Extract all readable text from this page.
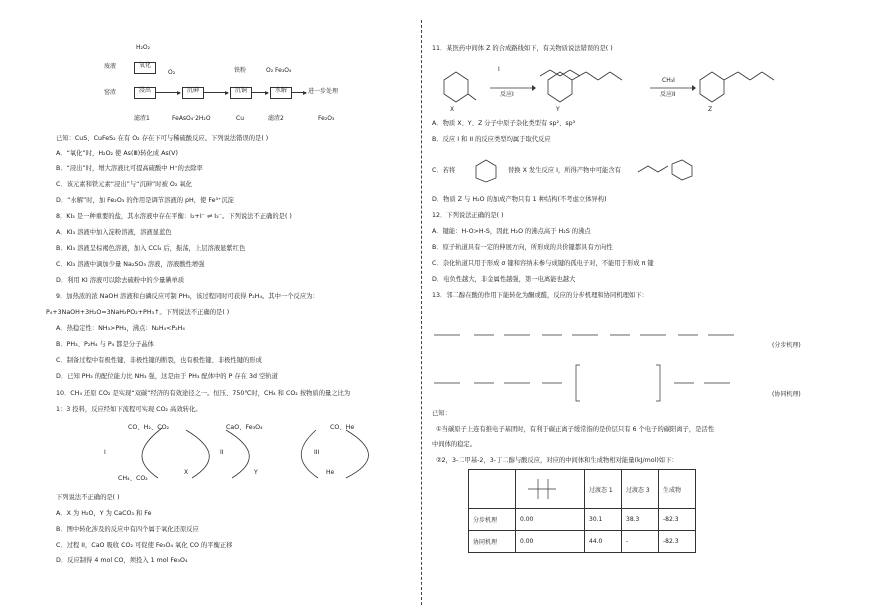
H₂O₂
废液	氧化
O₂	铁粉	O₂ Fe₃O₄
窑渣	浸出	沉砷	沉铜	水解	进一步处理
滤渣1	FeAsO₄·2H₂O	Cu	滤渣2	Fe₂O₃
已知：CuS、CuFeS₂ 在有 O₂ 存在下可与稀硫酸反应。下列说法错误的是( )
A．“氧化”时，H₂O₂ 使 As(Ⅲ)转化成 As(Ⅴ)
B．“浸出”时，增大溶液比可提高硫酸中 H⁺的去除率
C．该元素和铁元素“浸出”与“沉砷”时被 O₂ 氧化
D．“水解”时，加 Fe₂O₃ 的作用是调节溶液的 pH，使 Fe³⁺沉淀
8．KI₃ 是一种重要的盐，其水溶液中存在平衡：I₂+I⁻ ⇌ I₃⁻。下列说法不正确的是( )
A．KI₃ 溶液中加入淀粉溶液，溶液显蓝色
B．KI₃ 溶液呈棕褐色溶液，加入 CCl₄ 后，振荡，上层溶液显紫红色
C．KI₃ 溶液中滴加少量 Na₂SO₃ 溶液，溶液酸性增强
D．利用 KI 溶液可以除去硫粉中的少量碘单质
9．加热浓的浓 NaOH 溶液和白磷反应可制 PH₃，该过程同时可获得 P₂H₄。其中一个反应为：
P₄+3NaOH+3H₂O=3NaH₂PO₂+PH₃↑。下列说法不正确的是( )
A．热稳定性：NH₃>PH₃，沸点：N₂H₄<P₂H₄
B．PH₃、P₂H₄ 与 P₄ 都是分子晶体
C．制备过程中有极性键、非极性键的断裂，也有极性键、非极性键的形成
D．已知 PH₃ 的配位能力比 NH₃ 强，这是由于 PH₃ 配体中的 P 存在 3d 空轨道
10．CH₄ 还原 CO₂ 是实现“双碳”经济的有效途径之一。恒压、750℃时，CH₄ 和 CO₂ 按物质的量之比为
1：3 投料，反应经如下流程可实现 CO₂ 高效转化。
CO、H₂、CO₂	CaO、Fe₃O₄	CO、He
I	II	III
CH₄、CO₂
X	Y	He
下列说法不正确的是( )
A．X 为 H₂O，Y 为 CaCO₃ 和 Fe
B．图中转化涉及的反应中有四个属于氧化还原反应
C．过程 II，CaO 吸收 CO₂ 可促使 Fe₃O₄ 氧化 CO 的平衡正移
D．反应制得 4 mol CO，须投入 1 mol Fe₃O₄
11．某医药中间体 Z 的合成路线如下，有关物质说法错误的是( )
I
反应I
CH₃I
反应II
X	Y	Z
A．物质 X、Y、Z 分子中原子杂化类型有 sp²、sp³
B．反应 I 和 II 的反应类型均属于取代反应
C．若将	替换 X 发生反应 I，所得产物中可能含有
D．物质 Z 与 H₂O 的加成产物只有 1 种结构(不考虑立体异构)
12．下列说法正确的是( )
A．键能：H-O>H-S，因此 H₂O 的沸点高于 H₂S 的沸点
B．原子轨道具有一定的伸展方向，所形成的共价键都具有方向性
C．杂化轨道只用于形成 σ 键和容纳未参与成键的孤电子对，不能用于形成 π 键
D．电负性越大，非金属性越强，第一电离能也越大
13．邻二醇在酸的作用下能转化为酮或醛，反应的分步机理和协同机理如下：
(分步机理)
(协同机理)
已知：
①当碳原子上连有推电子基团时，有利于碳正离子缓常指的是价层只有 6 个电子的碳阳离子，是活性
中间体的稳定。
②2，3-二甲基-2，3-丁二醇与酸反应，对应的中间体和生成物相对能量(kJ/mol)如下：
		过渡态 1	过渡态 3	生成物
分步机理	0.00	30.1	38.3	-82.3
协同机理	0.00	44.0	-	-82.3
